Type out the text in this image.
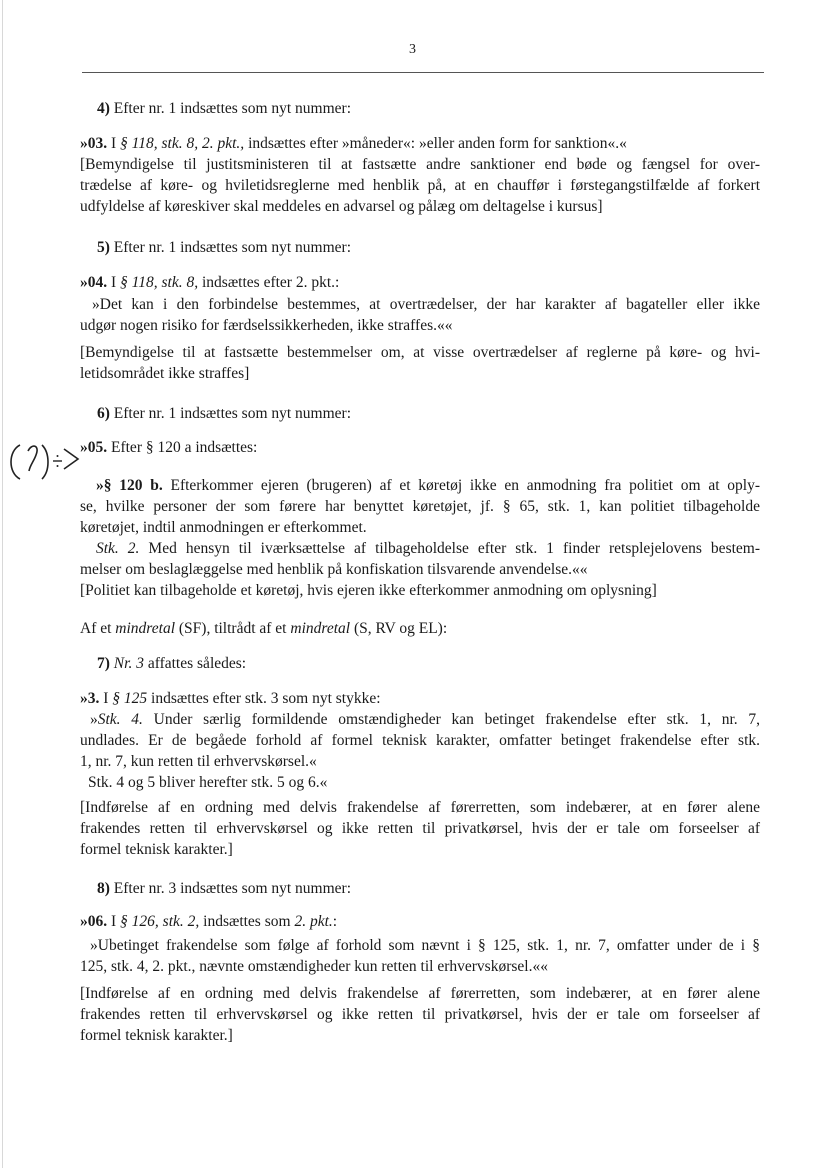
3
4) Efter nr. 1 indsættes som nyt nummer:
»03. I § 118, stk. 8, 2. pkt., indsættes efter »måneder«: »eller anden form for sanktion«.«
[Bemyndigelse til justitsministeren til at fastsætte andre sanktioner end bøde og fængsel for over-
trædelse af køre- og hviletidsreglerne med henblik på, at en chauffør i førstegangstilfælde af forkert
udfyldelse af køreskiver skal meddeles en advarsel og pålæg om deltagelse i kursus]
5) Efter nr. 1 indsættes som nyt nummer:
»04. I § 118, stk. 8, indsættes efter 2. pkt.:
»Det kan i den forbindelse bestemmes, at overtrædelser, der har karakter af bagateller eller ikke
udgør nogen risiko for færdselssikkerheden, ikke straffes.««
[Bemyndigelse til at fastsætte bestemmelser om, at visse overtrædelser af reglerne på køre- og hvi-
letidsområdet ikke straffes]
6) Efter nr. 1 indsættes som nyt nummer:
»05. Efter § 120 a indsættes:
»§ 120 b. Efterkommer ejeren (brugeren) af et køretøj ikke en anmodning fra politiet om at oply-
se, hvilke personer der som førere har benyttet køretøjet, jf. § 65, stk. 1, kan politiet tilbageholde
køretøjet, indtil anmodningen er efterkommet.
Stk. 2. Med hensyn til iværksættelse af tilbageholdelse efter stk. 1 finder retsplejelovens bestem-
melser om beslaglæggelse med henblik på konfiskation tilsvarende anvendelse.««
[Politiet kan tilbageholde et køretøj, hvis ejeren ikke efterkommer anmodning om oplysning]
Af et mindretal (SF), tiltrådt af et mindretal (S, RV og EL):
7) Nr. 3 affattes således:
»3. I § 125 indsættes efter stk. 3 som nyt stykke:
»Stk. 4. Under særlig formildende omstændigheder kan betinget frakendelse efter stk. 1, nr. 7,
undlades. Er de begåede forhold af formel teknisk karakter, omfatter betinget frakendelse efter stk.
1, nr. 7, kun retten til erhvervskørsel.«
Stk. 4 og 5 bliver herefter stk. 5 og 6.«
[Indførelse af en ordning med delvis frakendelse af førerretten, som indebærer, at en fører alene
frakendes retten til erhvervskørsel og ikke retten til privatkørsel, hvis der er tale om forseelser af
formel teknisk karakter.]
8) Efter nr. 3 indsættes som nyt nummer:
»06. I § 126, stk. 2, indsættes som 2. pkt.:
»Ubetinget frakendelse som følge af forhold som nævnt i § 125, stk. 1, nr. 7, omfatter under de i §
125, stk. 4, 2. pkt., nævnte omstændigheder kun retten til erhvervskørsel.««
[Indførelse af en ordning med delvis frakendelse af førerretten, som indebærer, at en fører alene
frakendes retten til erhvervskørsel og ikke retten til privatkørsel, hvis der er tale om forseelser af
formel teknisk karakter.]
